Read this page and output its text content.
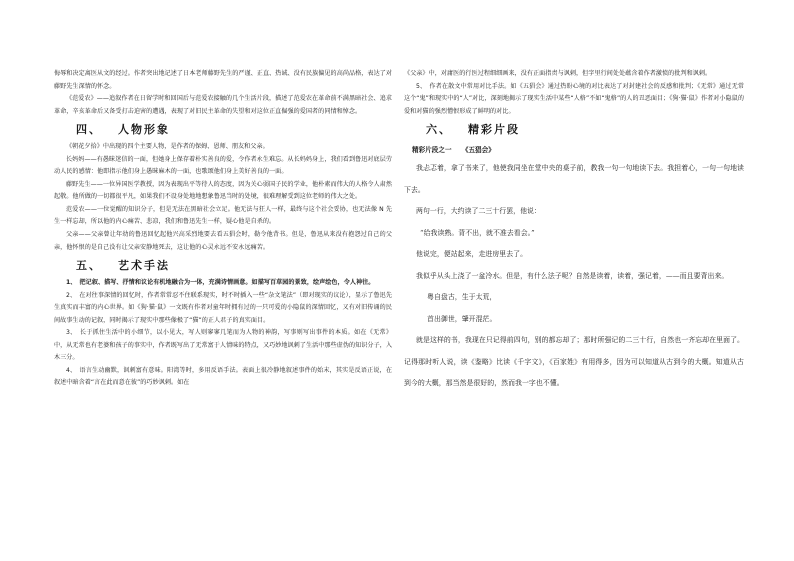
侮辱和决定离医从文的经过。作者突出地记述了日本老师藤野先生的严谨、正直、热诚、没有民族偏见的高尚品格，表达了对藤野先生深情的怀念。

《范爱农》——追叙作者在日留学时和回国后与范爱农接触的几个生活片段，描述了范爱农在革命前不满黑暗社会、追求革命，辛亥革命后又备受打击迫害的遭遇，表现了对旧民主革命的失望和对这位正直倔强的爱国者的同情和悼念。

四、 人物形象

《朝花夕拾》中出现的四个主要人物，是作者的保姆、恩师、朋友和父亲。

长妈妈——有愚昧迷信的一面，但她身上保存着朴实善良的爱，令作者永生难忘。从长妈妈身上，我们看到鲁迅对底层劳动人民的感情：他即指示他们身上愚昧麻木的一面，也歌颂他们身上美好善良的一面。

藤野先生——一位异国医学教授，因为表现出平等待人的态度，因为关心弱国子民的学业，他朴素而伟大的人格令人肃然起敬。他所做的一切都很平凡，如果我们不设身处地地想象鲁迅当时的处境，很难理解受到这位老师的伟大之处。

范爱农——一位觉醒的知识分子，但是无法在黑暗社会立足。他无法与狂人一样，最终与这个社会妥协，也无法像 N 先生一样忘却，所以他的内心痛苦、悲凉，我们和鲁迅先生一样，疑心他是自杀的。

父亲——父亲曾让年幼的鲁迅回忆起他兴高采烈地要去看五猖会时，勒令他背书。但是，鲁迅从来没有抱怨过自己的父亲，他怀恨的是自己没有让父亲安静地死去，这让他的心灵永远不安永远痛苦。

五、 艺术手法

1、　把记叙、描写、抒情和议论有机地融合为一体，充满诗情画意。如描写百草园的景致，绘声绘色，令人神往。

2、　在对往事深情的回忆时，作者常常忍不住联系现实，时不时插入一些“杂文笔法”（即对现实的议论），显示了鲁迅先生真实而丰富的内心世界。如《狗·猫·鼠》一文既有作者对童年时拥有过的一只可爱的小隐鼠的深情回忆，又有对旧传诵的民间故事生动的记叙，同时揭示了现实中那些像极了“猫”的正人君子的真实面目。

3、　长于抓住生活中的小细节，以小见大，写人则寥寥几笔而为人物的神韵，写事则写出事件的本质。如在《无常》中，从无常也有老婆和孩子的事实中，作者既写出了无常富于人情味的特点，又巧妙地讽刺了生活中那些虚伪的知识分子，入木三分。

4、　语言生动幽默，讽刺富有意味。阳湾等时，多用反语手法。表面上很冷静地叙述事件的始末，其实是反语正说，在叙述中暗含着“言在此而意在彼”的巧妙讽刺。如在

《父亲》中，对庸医的行医过程细细画来，没有正面指责与讽刺，但字里行间处处蕴含着作者激愤的批判和讽刺。

5、　作者在散文中常用对比手法。如《五猖会》通过热盼心境的对比表达了对封建社会的反感和批判；《无常》通过无常这个“鬼”和现实中的“人”对比，深刻地揭示了现实生活中某些“人格”不如“鬼格”的人的丑恶面目；《狗·猫·鼠》作者对小隐鼠的爱和对猫的强烈憎恨形成了鲜明的对比。

六、 精彩片段
精彩片段之一 《五猖会》

我忐忑着，拿了书来了，他使我同坐在堂中央的桌子前，教我一句一句地读下去。我担着心，一句一句地读下去。

两句一行，大约读了二三十行罢，他说：

“给我读熟。背不出，就不准去看会。”

他说完，便站起来，走进房里去了。

我似乎从头上浇了一盆冷水。但是，有什么法子呢？自然是读着，读着，强记着，——而且要背出来。

粤自盘古，生于太荒，

首出御世，肇开混茫。

就是这样的书，我现在只记得前四句，别的都忘却了；那时所强记的二三十行，自然也一齐忘却在里面了。记得那时听人说，读《鉴略》比读《千字文》，《百家姓》有用得多，因为可以知道从古到今的大概。知道从古到今的大概，那当然是很好的，然而我一字也不懂。
